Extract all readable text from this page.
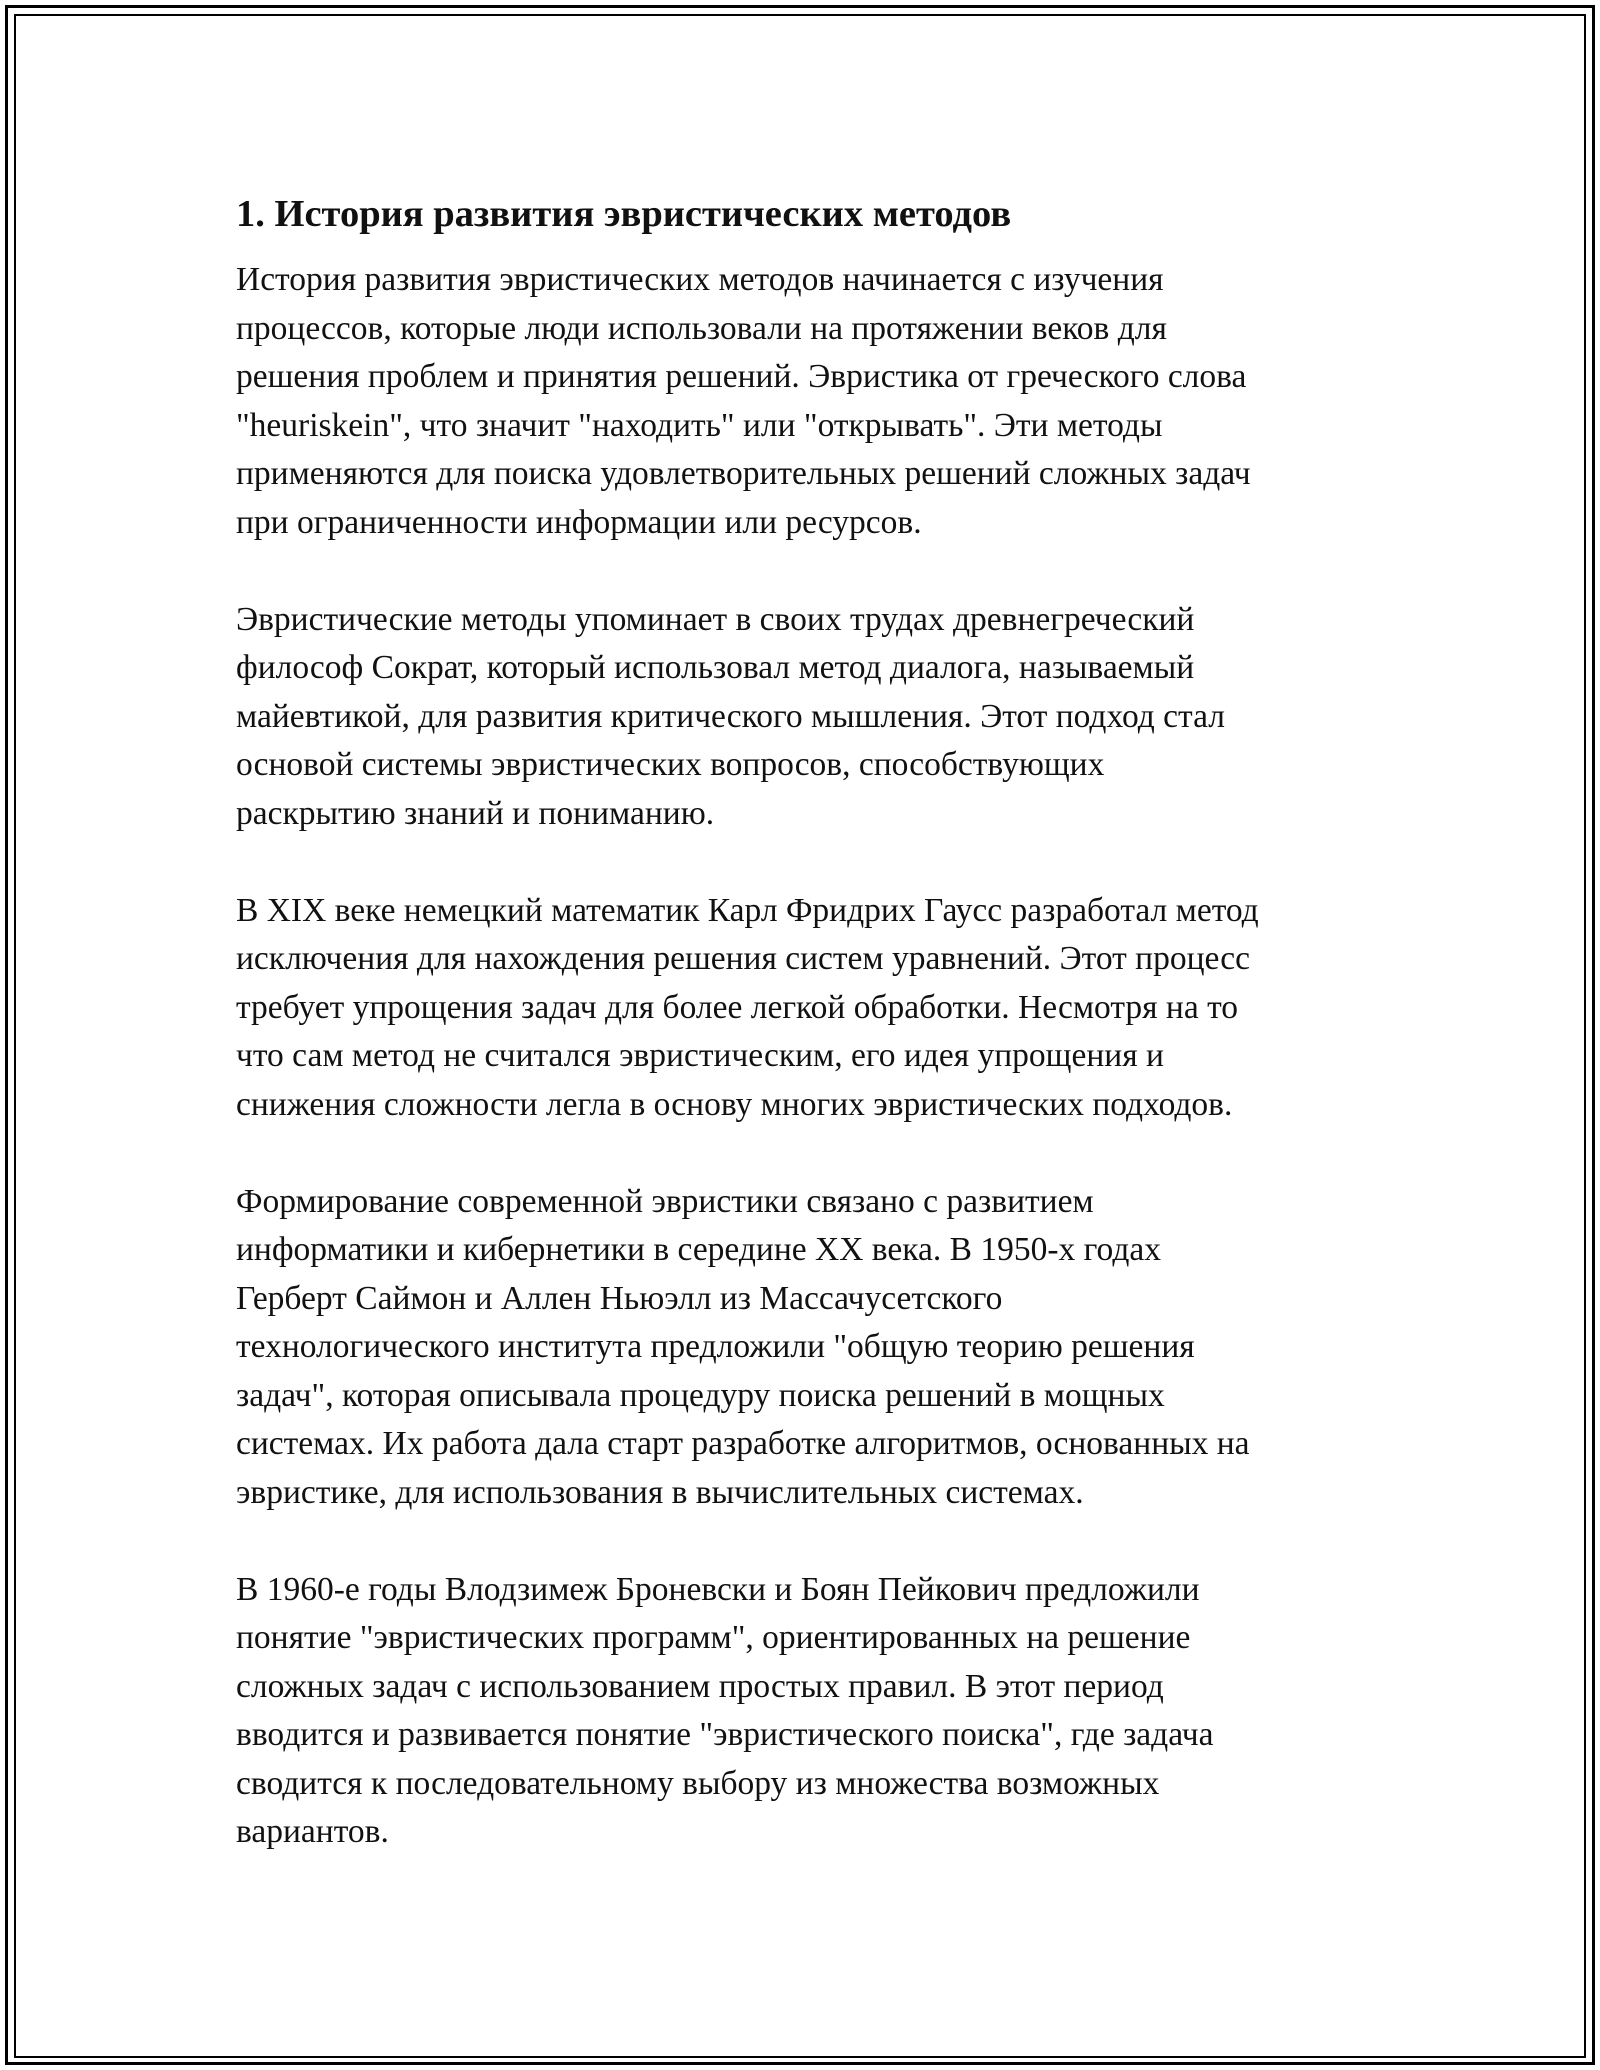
1. История развития эвристических методов

История развития эвристических методов начинается с изучения
процессов, которые люди использовали на протяжении веков для
решения проблем и принятия решений. Эвристика от греческого слова
"heuriskein", что значит "находить" или "открывать". Эти методы
применяются для поиска удовлетворительных решений сложных задач
при ограниченности информации или ресурсов.

Эвристические методы упоминает в своих трудах древнегреческий
философ Сократ, который использовал метод диалога, называемый
майевтикой, для развития критического мышления. Этот подход стал
основой системы эвристических вопросов, способствующих
раскрытию знаний и пониманию.

В XIX веке немецкий математик Карл Фридрих Гаусс разработал метод
исключения для нахождения решения систем уравнений. Этот процесс
требует упрощения задач для более легкой обработки. Несмотря на то
что сам метод не считался эвристическим, его идея упрощения и
снижения сложности легла в основу многих эвристических подходов.

Формирование современной эвристики связано с развитием
информатики и кибернетики в середине XX века. В 1950-х годах
Герберт Саймон и Аллен Ньюэлл из Массачусетского
технологического института предложили "общую теорию решения
задач", которая описывала процедуру поиска решений в мощных
системах. Их работа дала старт разработке алгоритмов, основанных на
эвристике, для использования в вычислительных системах.

В 1960-е годы Влодзимеж Броневски и Боян Пейкович предложили
понятие "эвристических программ", ориентированных на решение
сложных задач с использованием простых правил. В этот период
вводится и развивается понятие "эвристического поиска", где задача
сводится к последовательному выбору из множества возможных
вариантов.
